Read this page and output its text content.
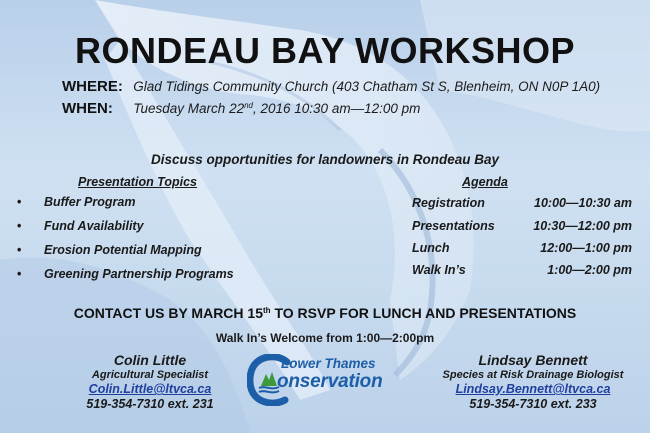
RONDEAU BAY WORKSHOP
WHERE: Glad Tidings Community Church (403 Chatham St S, Blenheim, ON N0P 1A0)
WHEN: Tuesday March 22nd, 2016 10:30 am—12:00 pm
Discuss opportunities for landowners in Rondeau Bay
Presentation Topics	Agenda
• Buffer Program
• Fund Availability
• Erosion Potential Mapping
• Greening Partnership Programs
Registration	10:00—10:30 am
Presentations	10:30—12:00 pm
Lunch	12:00—1:00 pm
Walk In’s	1:00—2:00 pm
CONTACT US BY MARCH 15th TO RSVP FOR LUNCH AND PRESENTATIONS
Walk In’s Welcome from 1:00—2:00pm
Colin Little
Agricultural Specialist
Colin.Little@ltvca.ca
519-354-7310 ext. 231
Lower Thames
onservation
Lindsay Bennett
Species at Risk Drainage Biologist
Lindsay.Bennett@ltvca.ca
519-354-7310 ext. 233
